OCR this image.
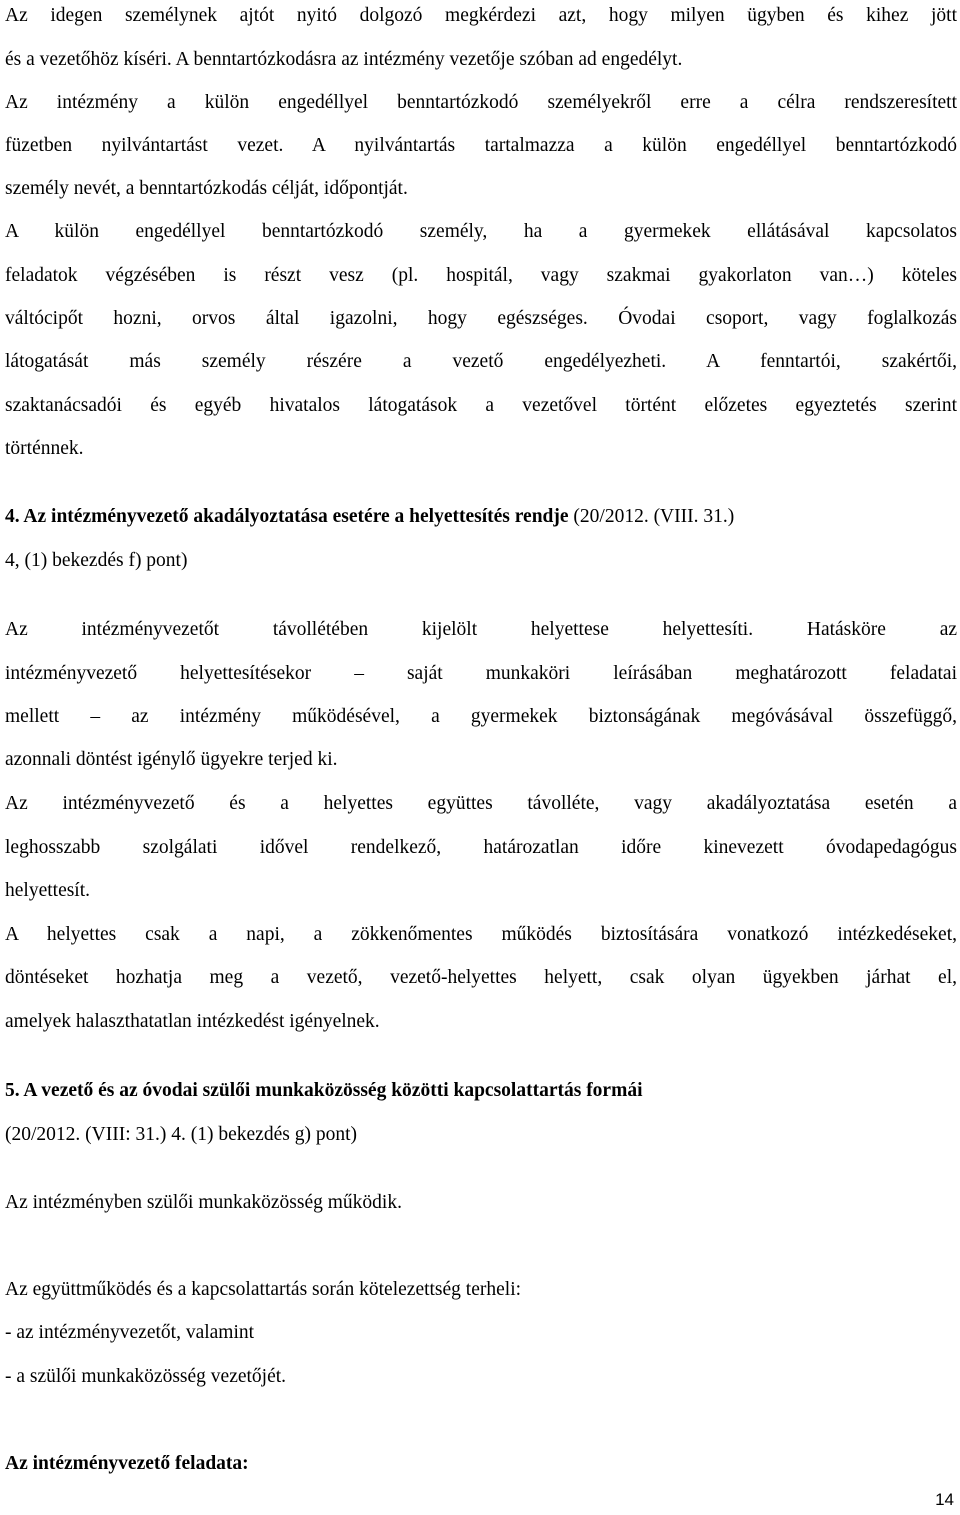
Az idegen személynek ajtót nyitó dolgozó megkérdezi azt, hogy milyen ügyben és kihez jött
és a vezetőhöz kíséri. A benntartózkodásra az intézmény vezetője szóban ad engedélyt.
Az intézmény a külön engedéllyel benntartózkodó személyekről erre a célra rendszeresített
füzetben nyilvántartást vezet. A nyilvántartás tartalmazza a külön engedéllyel benntartózkodó
személy nevét, a benntartózkodás célját, időpontját.
A külön engedéllyel benntartózkodó személy, ha a gyermekek ellátásával kapcsolatos
feladatok végzésében is részt vesz (pl. hospitál, vagy szakmai gyakorlaton van…) köteles
váltócipőt hozni, orvos által igazolni, hogy egészséges. Óvodai csoport, vagy foglalkozás
látogatását más személy részére a vezető engedélyezheti. A fenntartói, szakértői,
szaktanácsadói és egyéb hivatalos látogatások a vezetővel történt előzetes egyeztetés szerint
történnek.
4. Az intézményvezető akadályoztatása esetére a helyettesítés rendje (20/2012. (VIII. 31.)
4, (1) bekezdés f) pont)
Az intézményvezetőt távollétében kijelölt helyettese helyettesíti. Hatásköre az
intézményvezető helyettesítésekor – saját munkaköri leírásában meghatározott feladatai
mellett – az intézmény működésével, a gyermekek biztonságának megóvásával összefüggő,
azonnali döntést igénylő ügyekre terjed ki.
Az intézményvezető és a helyettes együttes távolléte, vagy akadályoztatása esetén a
leghosszabb szolgálati idővel rendelkező, határozatlan időre kinevezett óvodapedagógus
helyettesít.
A helyettes csak a napi, a zökkenőmentes működés biztosítására vonatkozó intézkedéseket,
döntéseket hozhatja meg a vezető, vezető-helyettes helyett, csak olyan ügyekben járhat el,
amelyek halaszthatatlan intézkedést igényelnek.
5. A vezető és az óvodai szülői munkaközösség közötti kapcsolattartás formái
(20/2012. (VIII: 31.) 4. (1) bekezdés g) pont)
Az intézményben szülői munkaközösség működik.
Az együttműködés és a kapcsolattartás során kötelezettség terheli:
- az intézményvezetőt, valamint
- a szülői munkaközösség vezetőjét.
Az intézményvezető feladata:
14
